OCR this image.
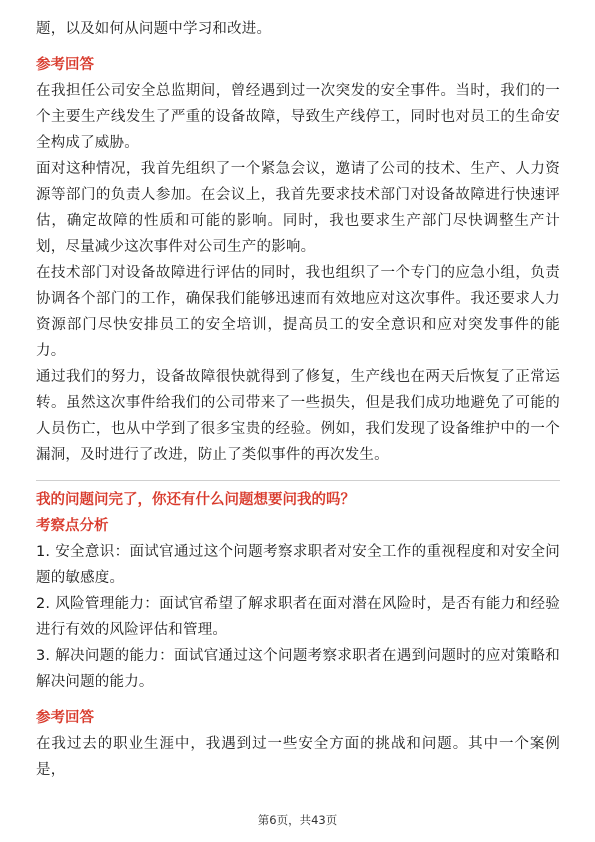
题，以及如何从问题中学习和改进。

参考回答

在我担任公司安全总监期间，曾经遇到过一次突发的安全事件。当时，我们的一个主要生产线发生了严重的设备故障，导致生产线停工，同时也对员工的生命安全构成了威胁。

面对这种情况，我首先组织了一个紧急会议，邀请了公司的技术、生产、人力资源等部门的负责人参加。在会议上，我首先要求技术部门对设备故障进行快速评估，确定故障的性质和可能的影响。同时，我也要求生产部门尽快调整生产计划，尽量减少这次事件对公司生产的影响。

在技术部门对设备故障进行评估的同时，我也组织了一个专门的应急小组，负责协调各个部门的工作，确保我们能够迅速而有效地应对这次事件。我还要求人力资源部门尽快安排员工的安全培训，提高员工的安全意识和应对突发事件的能力。

通过我们的努力，设备故障很快就得到了修复，生产线也在两天后恢复了正常运转。虽然这次事件给我们的公司带来了一些损失，但是我们成功地避免了可能的人员伤亡，也从中学到了很多宝贵的经验。例如，我们发现了设备维护中的一个漏洞，及时进行了改进，防止了类似事件的再次发生。

我的问题问完了，你还有什么问题想要问我的吗？

考察点分析

1. 安全意识：面试官通过这个问题考察求职者对安全工作的重视程度和对安全问题的敏感度。

2. 风险管理能力：面试官希望了解求职者在面对潜在风险时，是否有能力和经验进行有效的风险评估和管理。

3. 解决问题的能力：面试官通过这个问题考察求职者在遇到问题时的应对策略和解决问题的能力。

参考回答

在我过去的职业生涯中，我遇到过一些安全方面的挑战和问题。其中一个案例是，

第6页，共43页
